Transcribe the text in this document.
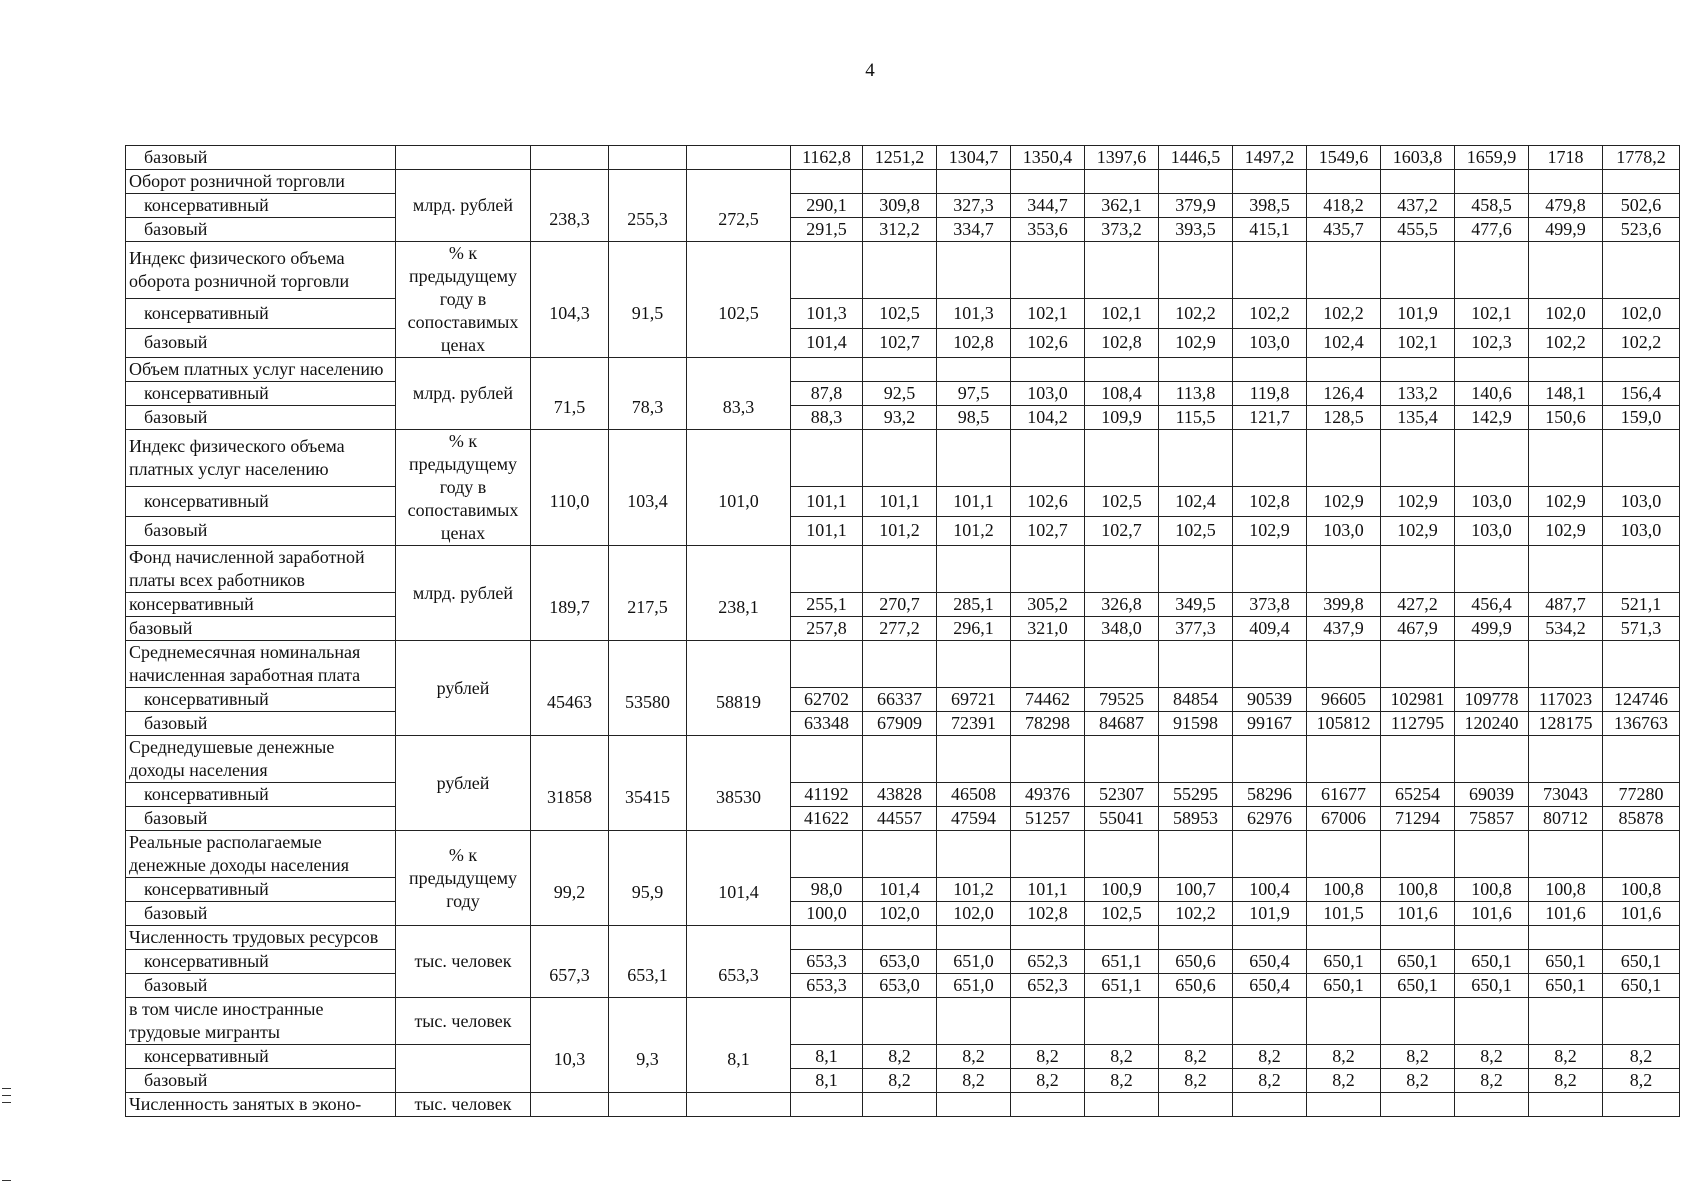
4
базовый					1162,8	1251,2	1304,7	1350,4	1397,6	1446,5	1497,2	1549,6	1603,8	1659,9	1718	1778,2
Оборот розничной торговли	млрд. рублей	238,3	255,3	272,5												
консервативный					290,1	309,8	327,3	344,7	362,1	379,9	398,5	418,2	437,2	458,5	479,8	502,6
базовый					291,5	312,2	334,7	353,6	373,2	393,5	415,1	435,7	455,5	477,6	499,9	523,6
Индекс физического объема оборота розничной торговли	% к предыдущему году в сопоставимых ценах	104,3	91,5	102,5												
консервативный					101,3	102,5	101,3	102,1	102,1	102,2	102,2	102,2	101,9	102,1	102,0	102,0
базовый					101,4	102,7	102,8	102,6	102,8	102,9	103,0	102,4	102,1	102,3	102,2	102,2
Объем платных услуг населению	млрд. рублей	71,5	78,3	83,3												
консервативный					87,8	92,5	97,5	103,0	108,4	113,8	119,8	126,4	133,2	140,6	148,1	156,4
базовый					88,3	93,2	98,5	104,2	109,9	115,5	121,7	128,5	135,4	142,9	150,6	159,0
Индекс физического объема платных услуг населению	% к предыдущему году в сопоставимых ценах	110,0	103,4	101,0												
консервативный					101,1	101,1	101,1	102,6	102,5	102,4	102,8	102,9	102,9	103,0	102,9	103,0
базовый					101,1	101,2	101,2	102,7	102,7	102,5	102,9	103,0	102,9	103,0	102,9	103,0
Фонд начисленной заработной платы всех работников	млрд. рублей	189,7	217,5	238,1												
консервативный					255,1	270,7	285,1	305,2	326,8	349,5	373,8	399,8	427,2	456,4	487,7	521,1
базовый					257,8	277,2	296,1	321,0	348,0	377,3	409,4	437,9	467,9	499,9	534,2	571,3
Среднемесячная номинальная начисленная заработная плата	рублей	45463	53580	58819												
консервативный					62702	66337	69721	74462	79525	84854	90539	96605	102981	109778	117023	124746
базовый					63348	67909	72391	78298	84687	91598	99167	105812	112795	120240	128175	136763
Среднедушевые денежные доходы населения	рублей	31858	35415	38530												
консервативный					41192	43828	46508	49376	52307	55295	58296	61677	65254	69039	73043	77280
базовый					41622	44557	47594	51257	55041	58953	62976	67006	71294	75857	80712	85878
Реальные располагаемые денежные доходы населения	% к предыдущему году	99,2	95,9	101,4												
консервативный					98,0	101,4	101,2	101,1	100,9	100,7	100,4	100,8	100,8	100,8	100,8	100,8
базовый					100,0	102,0	102,0	102,8	102,5	102,2	101,9	101,5	101,6	101,6	101,6	101,6
Численность трудовых ресурсов	тыс. человек	657,3	653,1	653,3												
консервативный					653,3	653,0	651,0	652,3	651,1	650,6	650,4	650,1	650,1	650,1	650,1	650,1
базовый					653,3	653,0	651,0	652,3	651,1	650,6	650,4	650,1	650,1	650,1	650,1	650,1
в том числе иностранные трудовые мигранты	тыс. человек	10,3	9,3	8,1												
консервативный					8,1	8,2	8,2	8,2	8,2	8,2	8,2	8,2	8,2	8,2	8,2	8,2
базовый					8,1	8,2	8,2	8,2	8,2	8,2	8,2	8,2	8,2	8,2	8,2	8,2
Численность занятых в эконо-	тыс. человек															
